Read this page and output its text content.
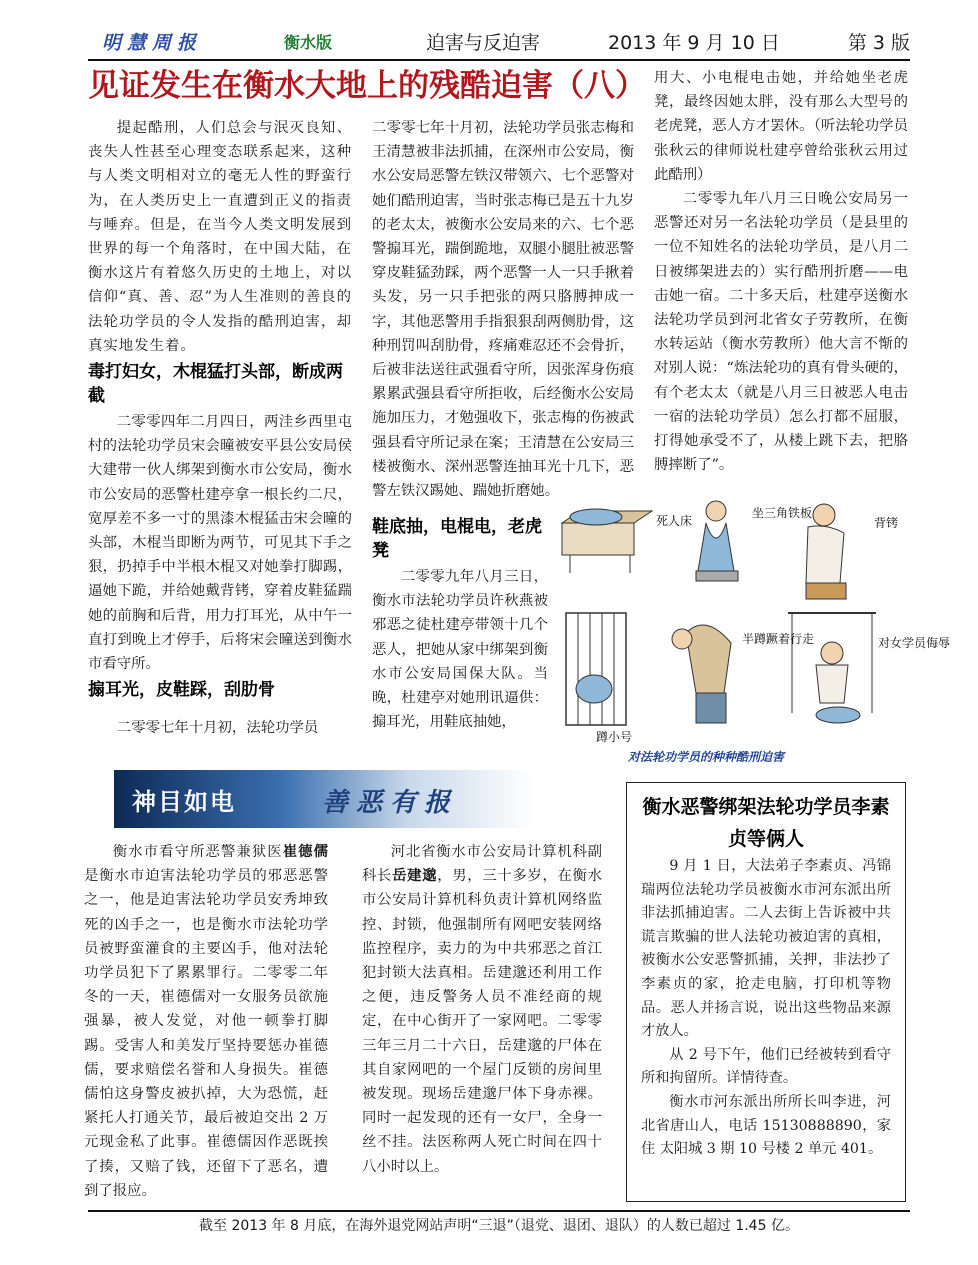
明慧周报	衡水版	迫害与反迫害	2013 年 9 月 10 日	第 3 版
见证发生在衡水大地上的残酷迫害（八）

提起酷刑，人们总会与泯灭良知、丧失人性甚至心理变态联系起来，这种与人类文明相对立的毫无人性的野蛮行为，在人类历史上一直遭到正义的指责与唾弃。但是，在当今人类文明发展到世界的每一个角落时，在中国大陆，在衡水这片有着悠久历史的土地上，对以信仰“真、善、忍”为人生准则的善良的法轮功学员的令人发指的酷刑迫害，却真实地发生着。

毒打妇女，木棍猛打头部，断成两截

二零零四年二月四日，两洼乡西里屯村的法轮功学员宋会曈被安平县公安局侯大建带一伙人绑架到衡水市公安局，衡水市公安局的恶警杜建亭拿一根长约二尺，宽厚差不多一寸的黑漆木棍猛击宋会曈的头部，木棍当即断为两节，可见其下手之狠，扔掉手中半根木棍又对她拳打脚踢，逼她下跪，并给她戴背铐，穿着皮鞋猛踹她的前胸和后背，用力打耳光，从中午一直打到晚上才停手，后将宋会曈送到衡水市看守所。

搧耳光，皮鞋踩，刮肋骨

二零零七年十月初，法轮功学员

二零零七年十月初，法轮功学员张志梅和王清慧被非法抓捕，在深州市公安局，衡水公安局恶警左铁汉带领六、七个恶警对她们酷刑迫害，当时张志梅已是五十九岁的老太太，被衡水公安局来的六、七个恶警搧耳光，踹倒跪地，双腿小腿肚被恶警穿皮鞋猛劲踩，两个恶警一人一只手揪着头发，另一只手把张的两只胳膊抻成一字，其他恶警用手指狠狠刮两侧肋骨，这种刑罚叫刮肋骨，疼痛难忍还不会骨折，后被非法送往武强看守所，因张浑身伤痕累累武强县看守所拒收，后经衡水公安局施加压力，才勉强收下，张志梅的伤被武强县看守所记录在案；王清慧在公安局三楼被衡水、深州恶警连抽耳光十几下，恶警左铁汉踢她、踹她折磨她。

鞋底抽，电棍电，老虎凳

二零零九年八月三日，衡水市法轮功学员许秋燕被邪恶之徒杜建亭带领十几个恶人，把她从家中绑架到衡水市公安局国保大队。当晚，杜建亭对她刑讯逼供：搧耳光，用鞋底抽她，

用大、小电棍电击她，并给她坐老虎凳，最终因她太胖，没有那么大型号的老虎凳，恶人方才罢休。（听法轮功学员张秋云的律师说杜建亭曾给张秋云用过此酷刑）

二零零九年八月三日晚公安局另一恶警还对另一名法轮功学员（是县里的一位不知姓名的法轮功学员，是八月二日被绑架进去的）实行酷刑折磨——电击她一宿。二十多天后，杜建亭送衡水法轮功学员到河北省女子劳教所，在衡水转运站（衡水劳教所）他大言不惭的对别人说：“炼法轮功的真有骨头硬的，有个老太太（就是八月三日被恶人电击一宿的法轮功学员）怎么打都不屈服，打得她承受不了，从楼上跳下去，把胳膊摔断了”。

死人床
坐三角铁板
背铐
半蹲蹶着行走	对女学员侮辱
蹲小号
对法轮功学员的种种酷刑迫害
神目如电	善恶有报

衡水市看守所恶警兼狱医崔德儒是衡水市迫害法轮功学员的邪恶恶警之一，他是迫害法轮功学员安秀坤致死的凶手之一，也是衡水市法轮功学员被野蛮灌食的主要凶手，他对法轮功学员犯下了累累罪行。二零零二年冬的一天，崔德儒对一女服务员欲施强暴，被人发觉，对他一顿拳打脚踢。受害人和美发厅坚持要惩办崔德儒，要求赔偿名誉和人身损失。崔德儒怕这身警皮被扒掉，大为恐慌，赶紧托人打通关节，最后被迫交出 2 万元现金私了此事。崔德儒因作恶既挨了揍，又赔了钱，还留下了恶名，遭到了报应。

河北省衡水市公安局计算机科副科长岳建邈，男，三十多岁，在衡水市公安局计算机科负责计算机网络监控、封锁，他强制所有网吧安装网络监控程序，卖力的为中共邪恶之首江犯封锁大法真相。岳建邈还利用工作之便，违反警务人员不准经商的规定，在中心街开了一家网吧。二零零三年三月二十六日，岳建邈的尸体在其自家网吧的一个屋门反锁的房间里被发现。现场岳建邈尸体下身赤裸。同时一起发现的还有一女尸，全身一丝不挂。法医称两人死亡时间在四十八小时以上。

衡水恶警绑架法轮功学员李素贞等俩人

9 月 1 日，大法弟子李素贞、冯锦瑞两位法轮功学员被衡水市河东派出所非法抓捕迫害。二人去街上告诉被中共谎言欺骗的世人法轮功被迫害的真相，被衡水公安恶警抓捕，关押，非法抄了李素贞的家，抢走电脑，打印机等物品。恶人并扬言说，说出这些物品来源才放人。

从 2 号下午，他们已经被转到看守所和拘留所。详情待查。

衡水市河东派出所所长叫李进，河北省唐山人，电话 15130888890，家住 太阳城 3 期 10 号楼 2 单元 401。

截至 2013 年 8 月底，在海外退党网站声明“三退”（退党、退团、退队）的人数已超过 1.45 亿。
